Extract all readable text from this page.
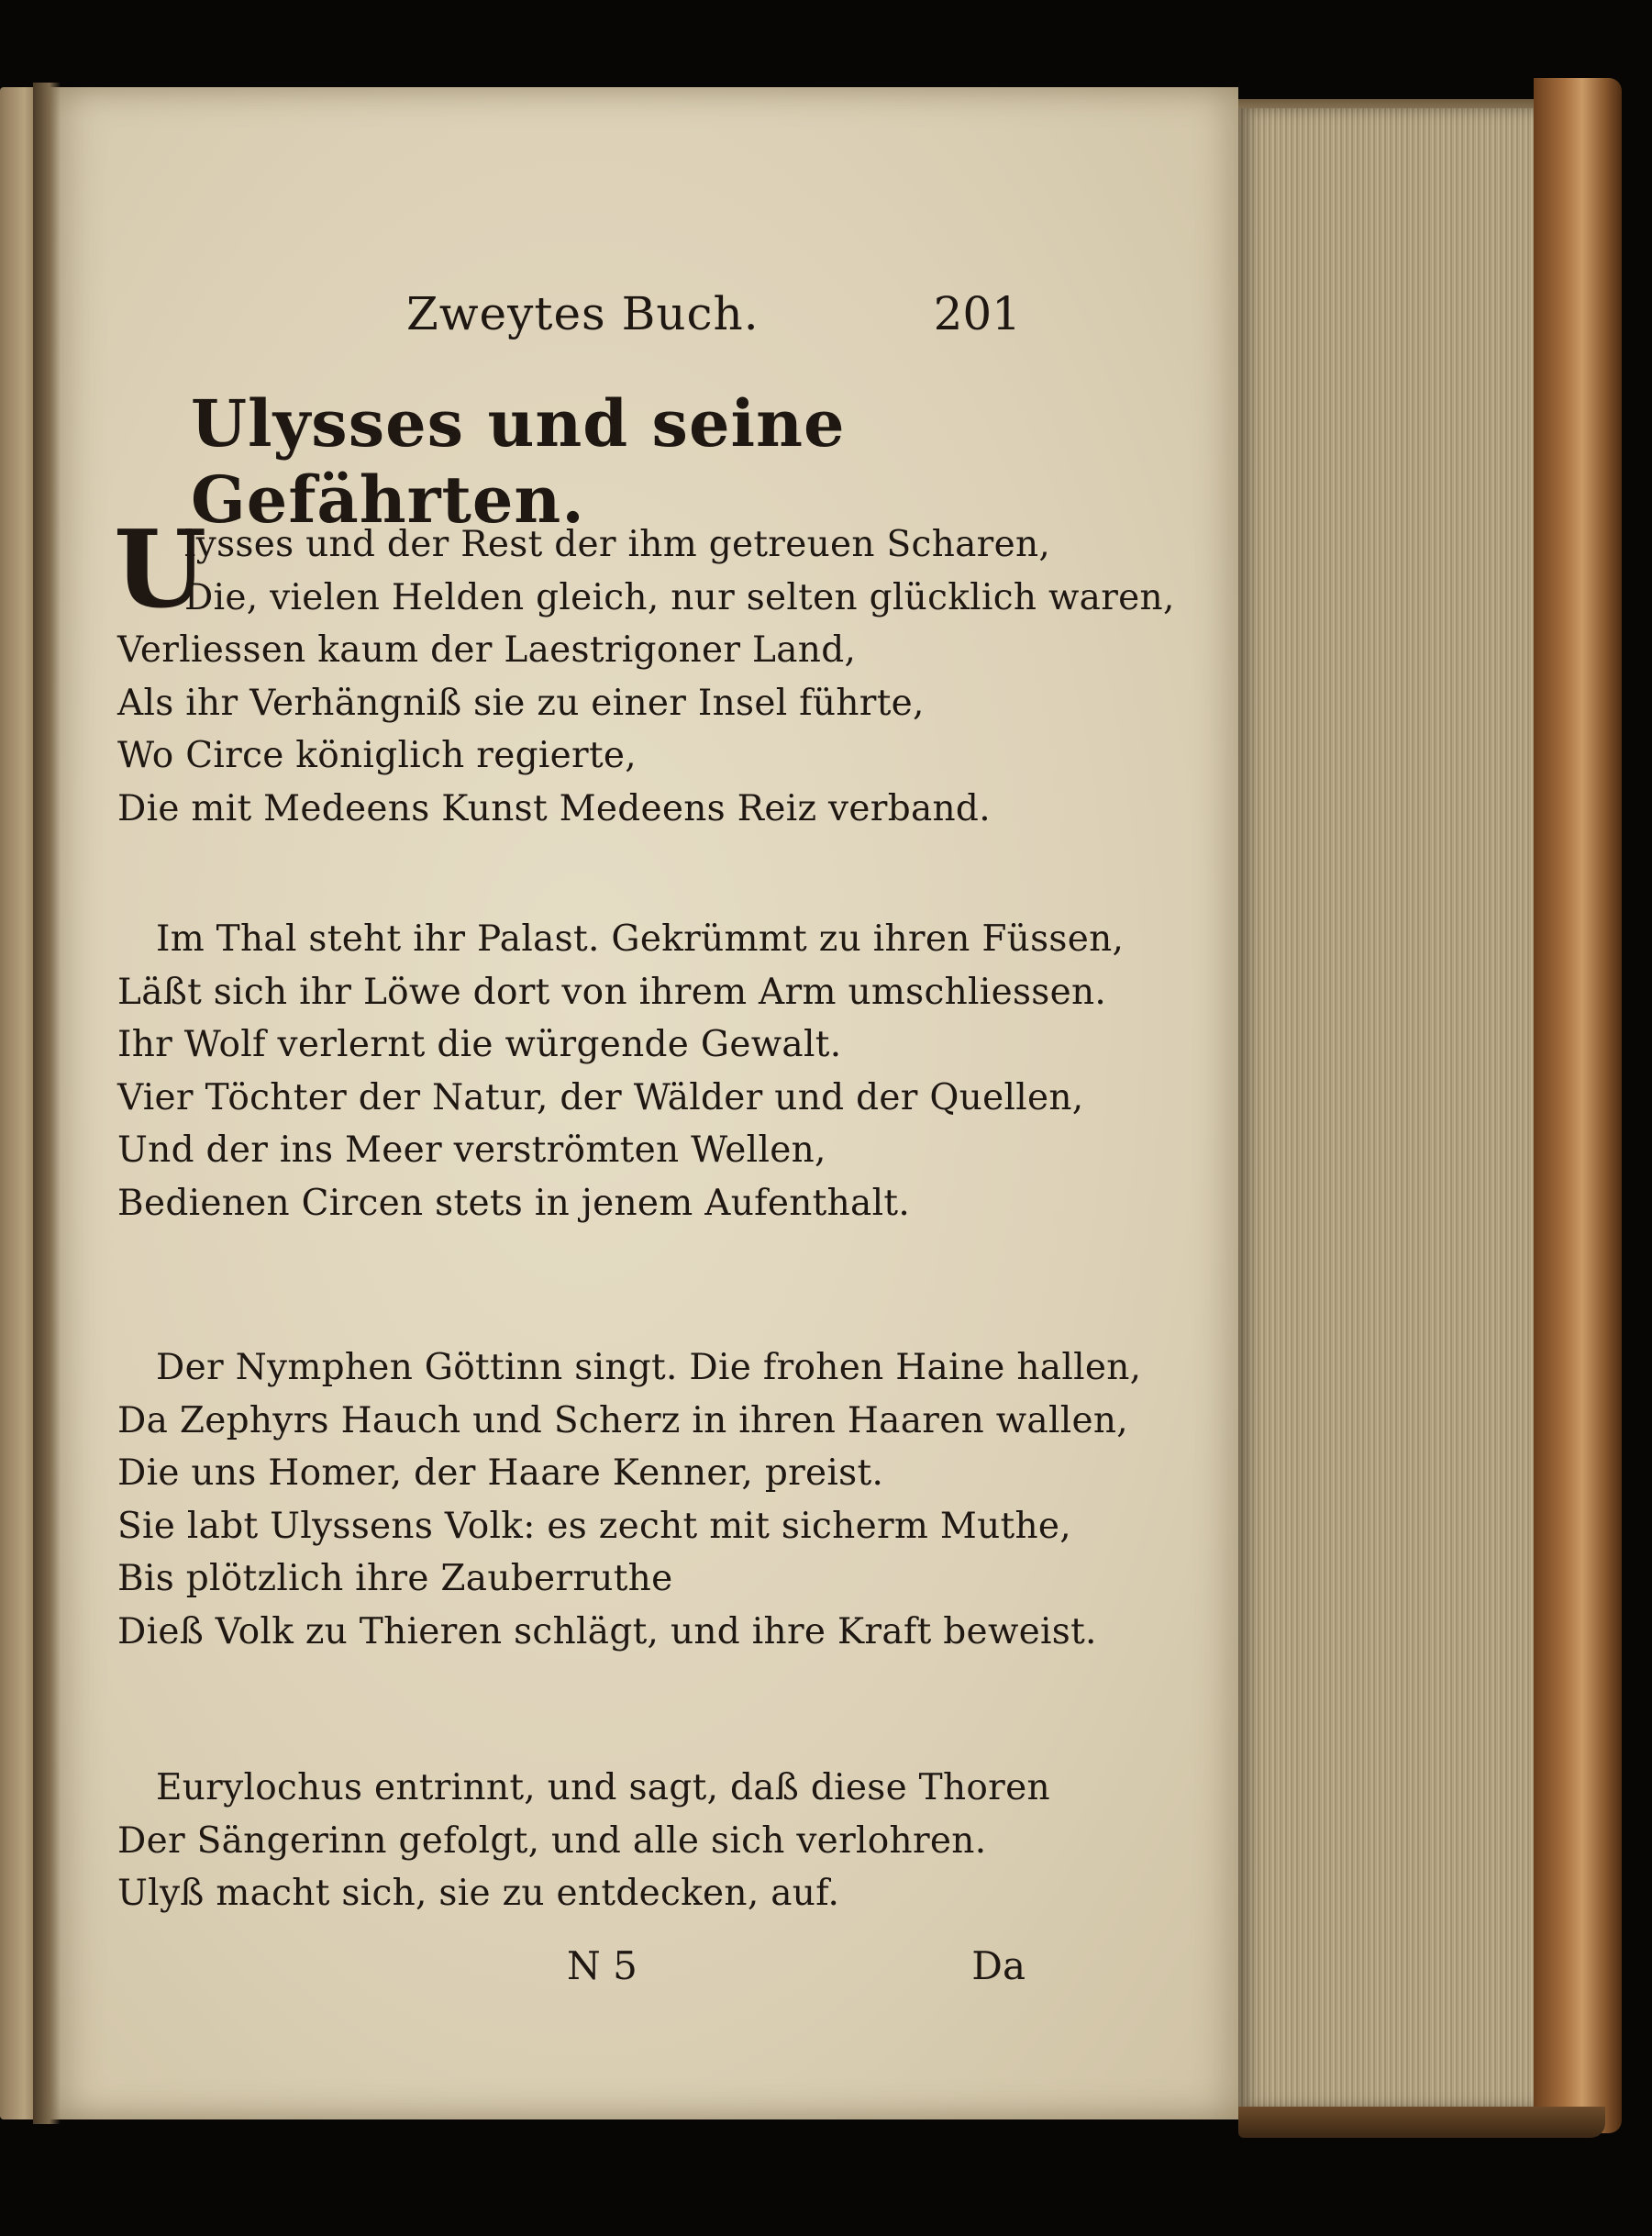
Zweytes Buch.	201
Ulysses und seine Gefährten.
U
lysses und der Rest der ihm getreuen Scharen,
Die, vielen Helden gleich, nur selten glücklich waren,
Verliessen kaum der Laestrigoner Land,
Als ihr Verhängniß sie zu einer Insel führte,
Wo Circe königlich regierte,
Die mit Medeens Kunst Medeens Reiz verband.
Im Thal steht ihr Palast. Gekrümmt zu ihren Füssen,
Läßt sich ihr Löwe dort von ihrem Arm umschliessen.
Ihr Wolf verlernt die würgende Gewalt.
Vier Töchter der Natur, der Wälder und der Quellen,
Und der ins Meer verströmten Wellen,
Bedienen Circen stets in jenem Aufenthalt.
Der Nymphen Göttinn singt. Die frohen Haine hallen,
Da Zephyrs Hauch und Scherz in ihren Haaren wallen,
Die uns Homer, der Haare Kenner, preist.
Sie labt Ulyssens Volk: es zecht mit sicherm Muthe,
Bis plötzlich ihre Zauberruthe
Dieß Volk zu Thieren schlägt, und ihre Kraft beweist.
Eurylochus entrinnt, und sagt, daß diese Thoren
Der Sängerinn gefolgt, und alle sich verlohren.
Ulyß macht sich, sie zu entdecken, auf.
N 5	Da
